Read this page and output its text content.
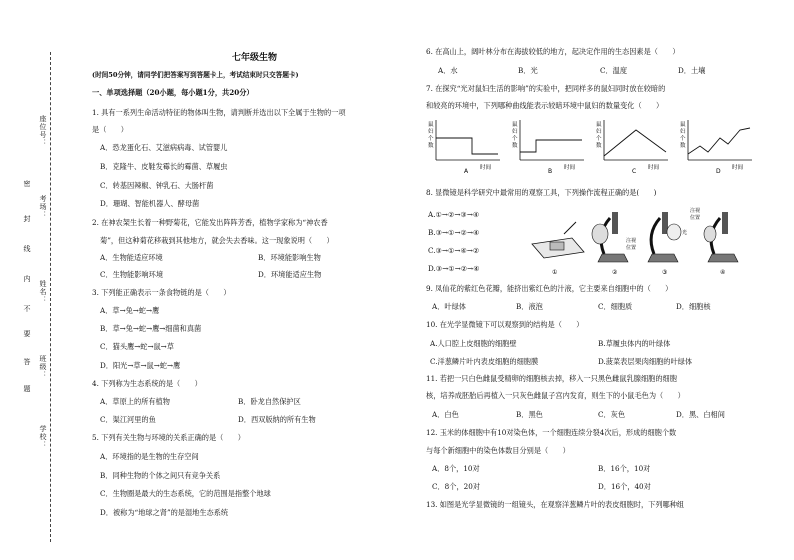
座位号：
考场：
姓名：
班级：
学校：
密
封
线
内
不
要
答
题
七年级生物
(时间50分钟，请同学们把答案写到答题卡上，考试结束时只交答题卡)
一、单项选择题（20小题，每小题1分，共20分）
1. 具有一系列生命活动特征的物体叫生物，请判断并选出以下全属于生物的一项
是（　　）
A．恐龙蛋化石、艾滋病病毒、试管婴儿
B．克隆牛、皮鞋发霉长的霉菌、草履虫
C．转基因辣椒、钟乳石、大肠杆菌
D．珊瑚、智能机器人、酵母菌
2. 在神农架生长着一种野菊花，它能发出阵阵芳香，植物学家称为“神农香
菊”，但这种菊花移栽到其他地方，就会失去香味。这一现象说明（　　）
A．生物能适应环境	B．环境能影响生物
C．生物能影响环境	D．环境能适应生物
3. 下列能正确表示一条食物链的是（　　）
A．草→兔→蛇→鹰
B．草→兔→蛇→鹰→细菌和真菌
C．猫头鹰→蛇→鼠→草
D．阳光→草→鼠→蛇→鹰
4. 下列称为生态系统的是（　　）
A．草原上的所有植物	B．卧龙自然保护区
C．渠江河里的鱼	D．西双版纳的所有生物
5. 下列有关生物与环境的关系正确的是（　　）
A．环境指的是生物的生存空间
B．同种生物的个体之间只有竞争关系
C．生物圈是最大的生态系统，它的范围是指整个地球
D．被称为“地球之肾”的是湿地生态系统
6. 在高山上，阔叶林分布在海拔较低的地方，起决定作用的生态因素是（　　）
A．水	B．光	C．温度	D．土壤
7. 在探究“光对鼠妇生活的影响”的实验中，把同样多的鼠妇同时放在较暗的
和较亮的环境中，下列哪种曲线能表示较暗环境中鼠妇的数量变化（　　）
鼠
妇
个
数
时间
A
鼠
妇
个
数
时间
B
鼠
妇
个
数
时间
C
鼠
妇
个
数
时间
D
8. 显微镜是科学研究中最常用的观察工具，下列操作流程正确的是(　　)
A.①→②→③→④
B.③→①→②→④
C.③→①→④→②
D.③→①→②→④	①
注视
位置
②
光
③
注视
位置
④
9. 凤仙花的紫红色花瓣，能挤出紫红色的汁液，它主要来自细胞中的（　　）
A．叶绿体	B．液泡	C．细胞质	D．细胞核
10. 在光学显微镜下可以观察到的结构是（　　）
A.人口腔上皮细胞的细胞壁	B.草履虫体内的叶绿体
C.洋葱鳞片叶内表皮细胞的细胞膜	D.菠菜表层果肉细胞的叶绿体
11. 若把一只白色雌鼠受精卵的细胞核去掉，移入一只黑色雌鼠乳腺细胞的细胞
核，培养成胚胎后再植入一只灰色雌鼠子宫内发育，则生下的小鼠毛色为（　　）
A．白色	B．黑色	C．灰色	D．黑、白相间
12. 玉米的体细胞中有10对染色体，一个细胞连续分裂4次后，形成的细胞个数
与每个新细胞中的染色体数目分别是（　　）
A．8个，10对	B．16个，10对
C．8个，20对	D．16个，40对
13. 如图是光学显微镜的一组镜头，在观察洋葱鳞片叶的表皮细胞时，下列哪种组
